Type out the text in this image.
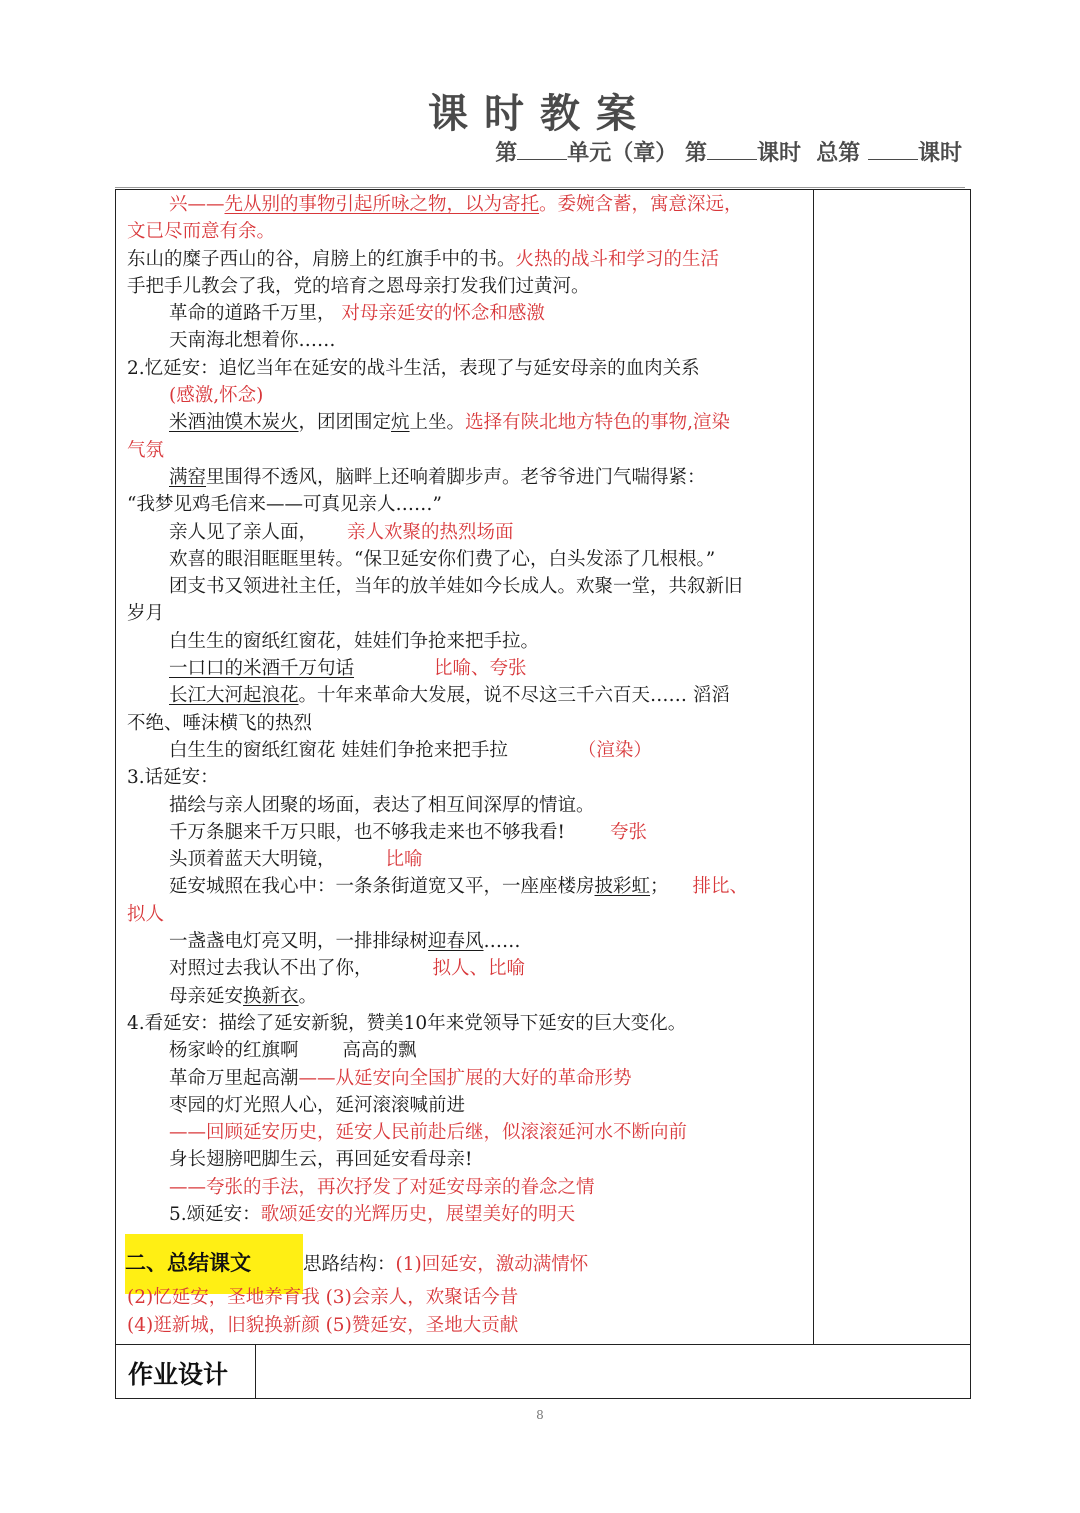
课时教案
第 单元（章） 第 课时 总第	课时
作业设计
兴——先从别的事物引起所咏之物，以为寄托。委婉含蓄，寓意深远，
文已尽而意有余。
东山的糜子西山的谷，肩膀上的红旗手中的书。火热的战斗和学习的生活
手把手儿教会了我，党的培育之恩母亲打发我们过黄河。
革命的道路千万里， 对母亲延安的怀念和感激
天南海北想着你……
2.忆延安：追忆当年在延安的战斗生活，表现了与延安母亲的血肉关系
(感激,怀念)
米酒油馍木炭火，团团围定炕上坐。选择有陕北地方特色的事物,渲染
气氛
满窑里围得不透风，脑畔上还响着脚步声。老爷爷进门气喘得紧：
“我梦见鸡毛信来——可真见亲人……”
亲人见了亲人面， 亲人欢聚的热烈场面
欢喜的眼泪眶眶里转。“保卫延安你们费了心，白头发添了几根根。”
团支书又领进社主任，当年的放羊娃如今长成人。欢聚一堂，共叙新旧
岁月
白生生的窗纸红窗花，娃娃们争抢来把手拉。
一口口的米酒千万句话	比喻、夸张
长江大河起浪花。十年来革命大发展，说不尽这三千六百天…… 滔滔
不绝、唾沫横飞的热烈
白生生的窗纸红窗花 娃娃们争抢来把手拉	（渲染）
3.话延安：
描绘与亲人团聚的场面，表达了相互间深厚的情谊。
千万条腿来千万只眼，也不够我走来也不够我看! 夸张
头顶着蓝天大明镜，	比喻
延安城照在我心中：一条条街道宽又平，一座座楼房披彩虹； 排比、
拟人
一盏盏电灯亮又明，一排排绿树迎春风……
对照过去我认不出了你，	拟人、比喻
母亲延安换新衣。
4.看延安：描绘了延安新貌，赞美10年来党领导下延安的巨大变化。
杨家岭的红旗啊 高高的飘
革命万里起高潮——从延安向全国扩展的大好的革命形势
枣园的灯光照人心，延河滚滚喊前进
——回顾延安历史，延安人民前赴后继，似滚滚延河水不断向前
身长翅膀吧脚生云，再回延安看母亲!
——夸张的手法，再次抒发了对延安母亲的眷念之情
5.颂延安：歌颂延安的光辉历史，展望美好的明天
二、总结课文	思路结构：(1)回延安，激动满情怀
(2)忆延安，圣地养育我 (3)会亲人，欢聚话今昔
(4)逛新城，旧貌换新颜 (5)赞延安，圣地大贡献
8
